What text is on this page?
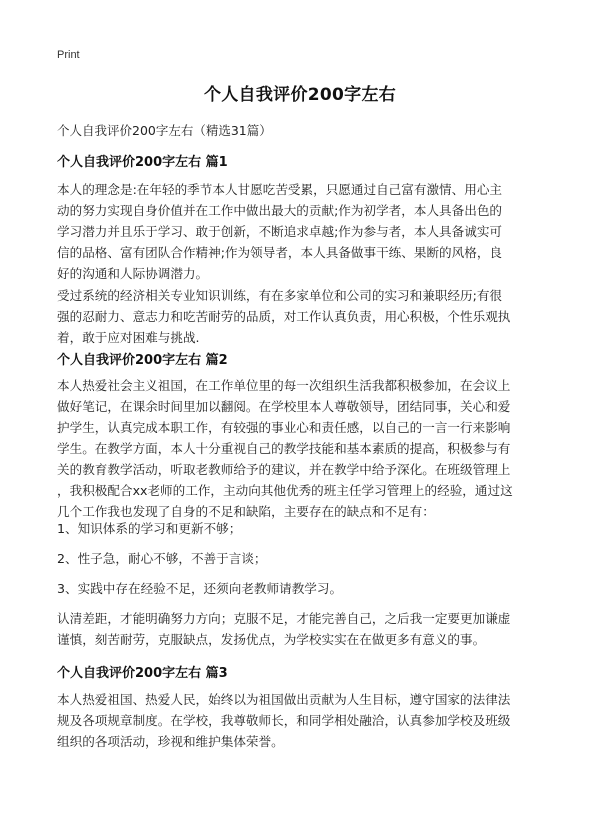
Print
个人自我评价200字左右
个人自我评价200字左右（精选31篇）
个人自我评价200字左右 篇1
本人的理念是:在年轻的季节本人甘愿吃苦受累，只愿通过自己富有激情、用心主
动的努力实现自身价值并在工作中做出最大的贡献;作为初学者，本人具备出色的
学习潜力并且乐于学习、敢于创新，不断追求卓越;作为参与者，本人具备诚实可
信的品格、富有团队合作精神;作为领导者，本人具备做事干练、果断的风格，良
好的沟通和人际协调潜力。
受过系统的经济相关专业知识训练，有在多家单位和公司的实习和兼职经历;有很
强的忍耐力、意志力和吃苦耐劳的品质，对工作认真负责，用心积极，个性乐观执
着，敢于应对困难与挑战.
个人自我评价200字左右 篇2
本人热爱社会主义祖国，在工作单位里的每一次组织生活我都积极参加，在会议上
做好笔记，在课余时间里加以翻阅。在学校里本人尊敬领导，团结同事，关心和爱
护学生，认真完成本职工作，有较强的事业心和责任感，以自己的一言一行来影响
学生。在教学方面，本人十分重视自己的教学技能和基本素质的提高，积极参与有
关的教育教学活动，听取老教师给予的建议，并在教学中给予深化。在班级管理上
，我积极配合xx老师的工作，主动向其他优秀的班主任学习管理上的经验，通过这
几个工作我也发现了自身的不足和缺陷，主要存在的缺点和不足有：
1、知识体系的学习和更新不够；
2、性子急，耐心不够，不善于言谈；
3、实践中存在经验不足，还须向老教师请教学习。
认清差距，才能明确努力方向；克服不足，才能完善自己，之后我一定要更加谦虚
谨慎，刻苦耐劳，克服缺点，发扬优点，为学校实实在在做更多有意义的事。
个人自我评价200字左右 篇3
本人热爱祖国、热爱人民，始终以为祖国做出贡献为人生目标，遵守国家的法律法
规及各项规章制度。在学校，我尊敬师长，和同学相处融洽，认真参加学校及班级
组织的各项活动，珍视和维护集体荣誉。
